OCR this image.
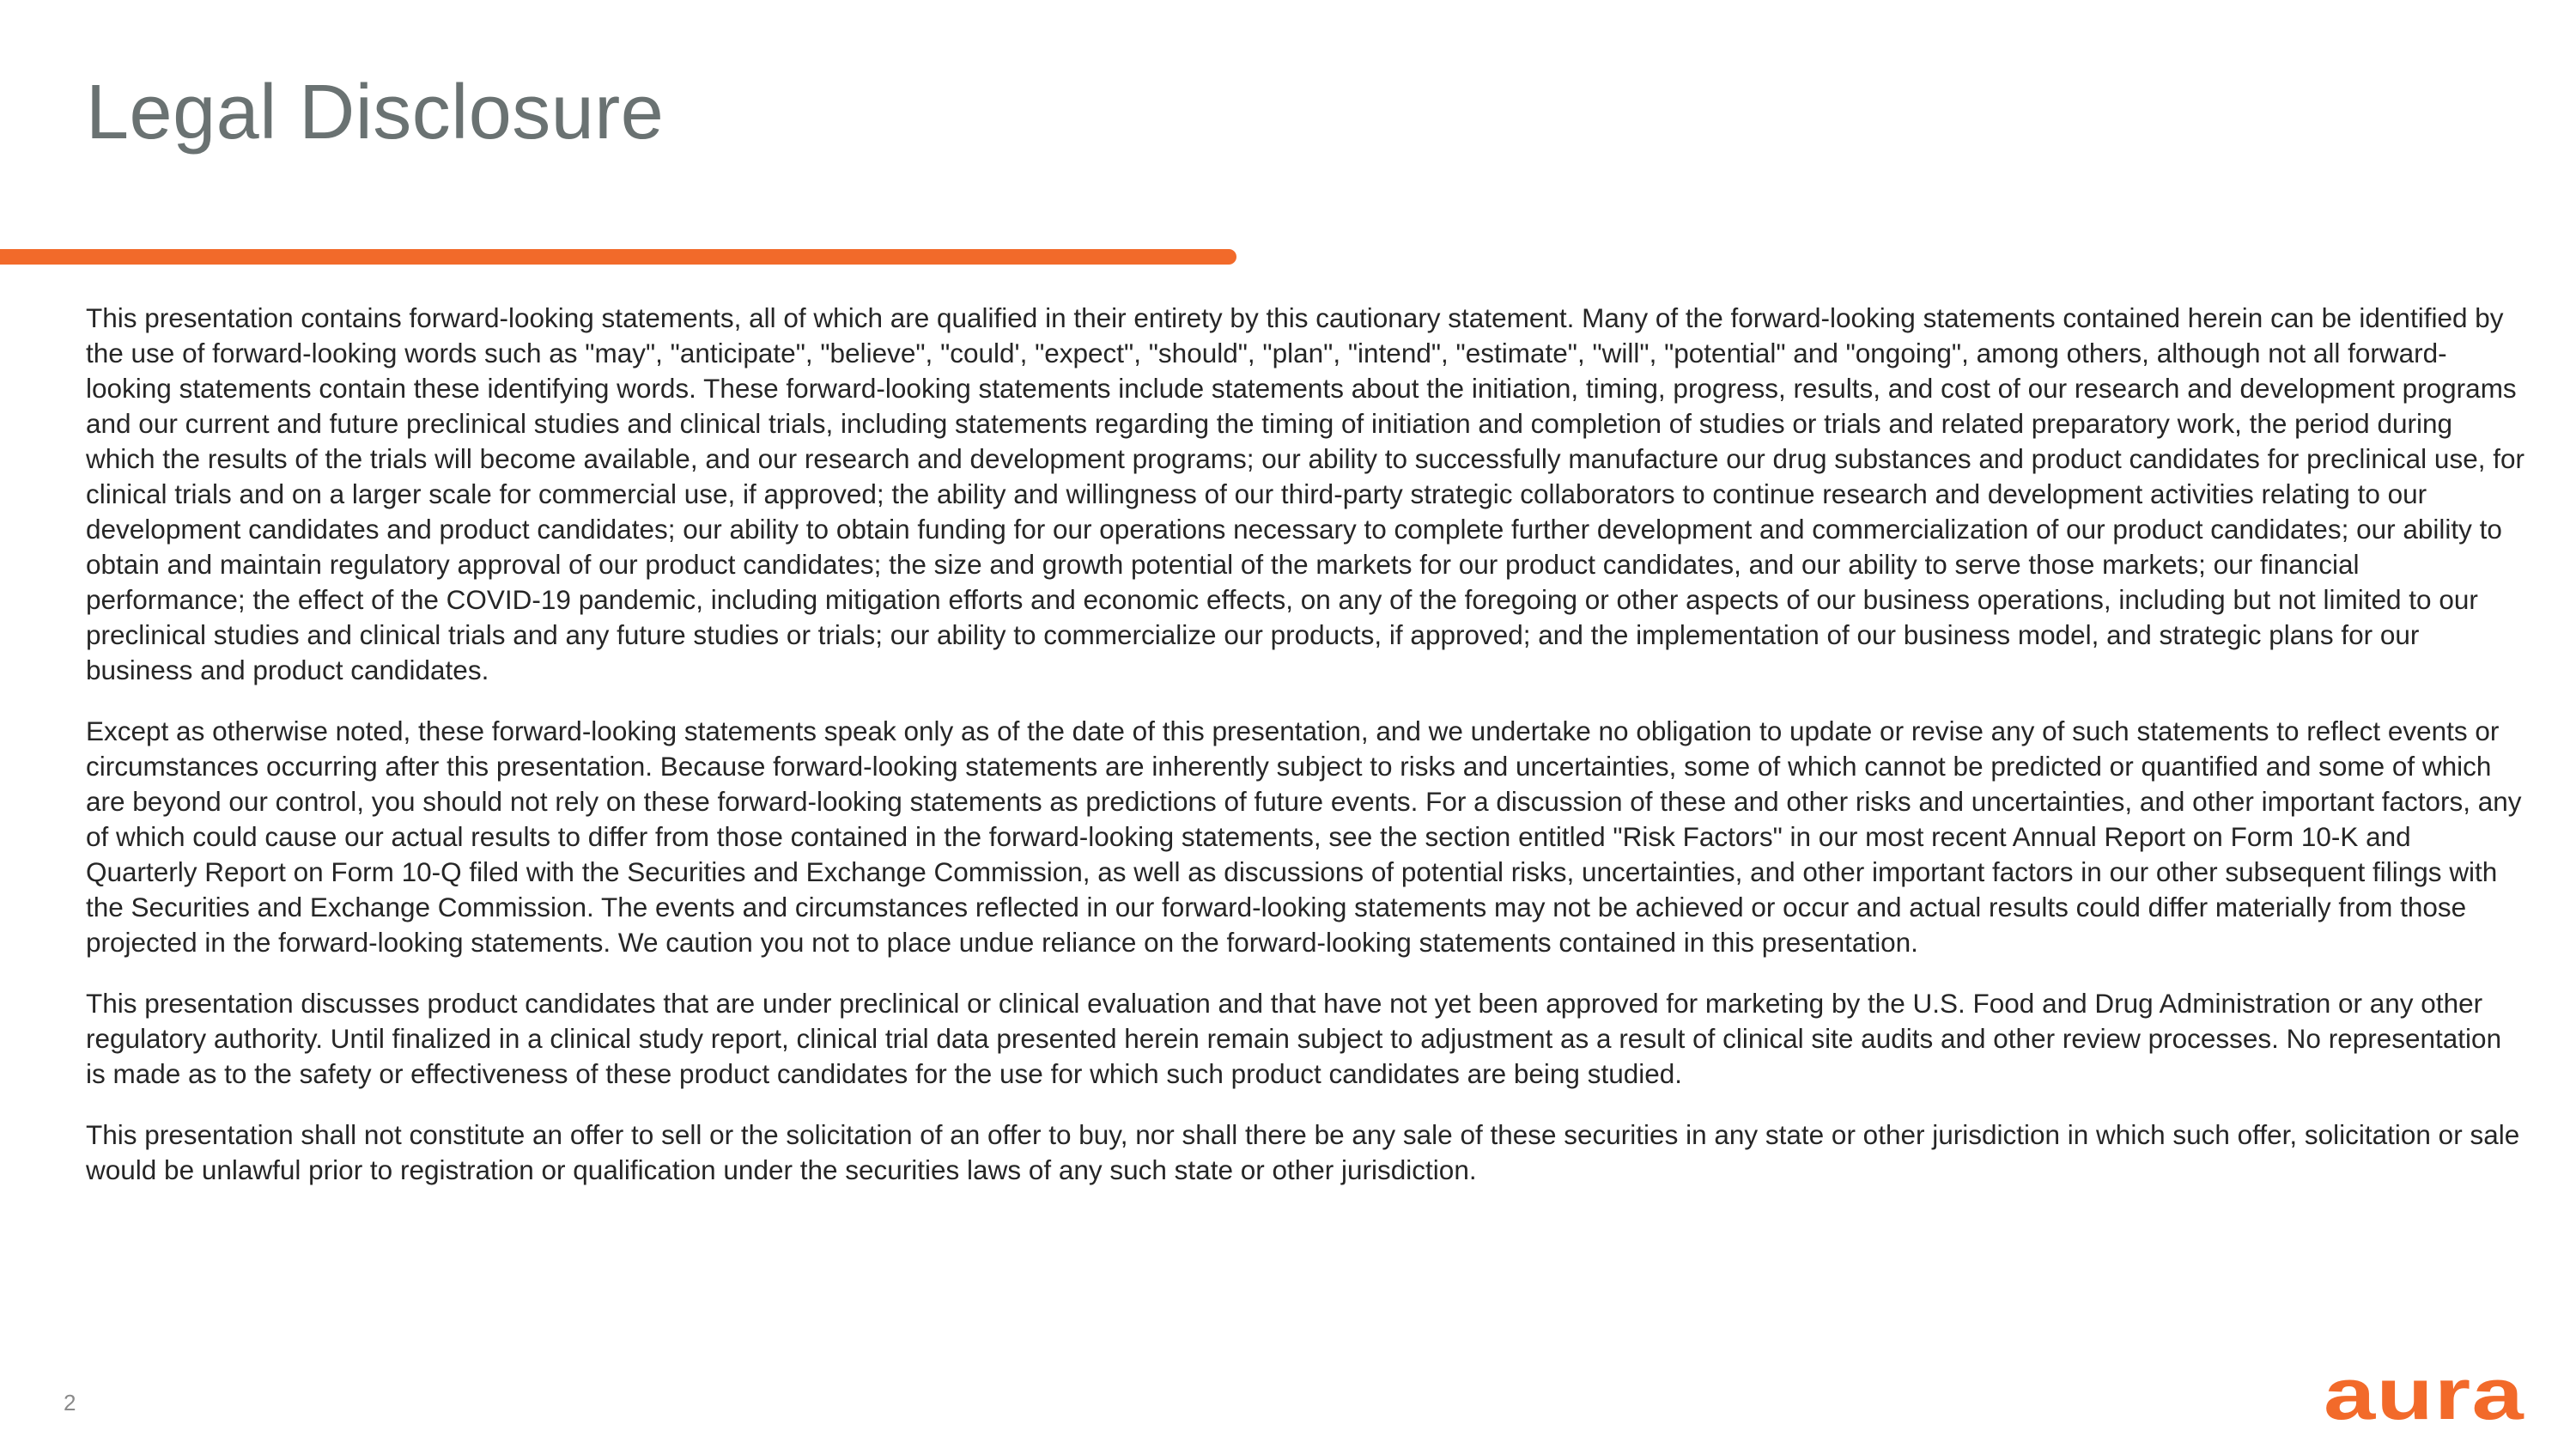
Legal Disclosure

This presentation contains forward-looking statements, all of which are qualified in their entirety by this cautionary statement. Many of the forward-looking statements contained herein can be identified by the use of forward-looking words such as "may", "anticipate", "believe", "could', "expect", "should", "plan", "intend", "estimate", "will", "potential" and "ongoing", among others, although not all forward-looking statements contain these identifying words. These forward-looking statements include statements about the initiation, timing, progress, results, and cost of our research and development programs and our current and future preclinical studies and clinical trials, including statements regarding the timing of initiation and completion of studies or trials and related preparatory work, the period during which the results of the trials will become available, and our research and development programs; our ability to successfully manufacture our drug substances and product candidates for preclinical use, for clinical trials and on a larger scale for commercial use, if approved; the ability and willingness of our third-party strategic collaborators to continue research and development activities relating to our development candidates and product candidates; our ability to obtain funding for our operations necessary to complete further development and commercialization of our product candidates; our ability to obtain and maintain regulatory approval of our product candidates; the size and growth potential of the markets for our product candidates, and our ability to serve those markets; our financial performance; the effect of the COVID-19 pandemic, including mitigation efforts and economic effects, on any of the foregoing or other aspects of our business operations, including but not limited to our preclinical studies and clinical trials and any future studies or trials; our ability to commercialize our products, if approved; and the implementation of our business model, and strategic plans for our business and product candidates.

Except as otherwise noted, these forward-looking statements speak only as of the date of this presentation, and we undertake no obligation to update or revise any of such statements to reflect events or circumstances occurring after this presentation. Because forward-looking statements are inherently subject to risks and uncertainties, some of which cannot be predicted or quantified and some of which are beyond our control, you should not rely on these forward-looking statements as predictions of future events. For a discussion of these and other risks and uncertainties, and other important factors, any of which could cause our actual results to differ from those contained in the forward-looking statements, see the section entitled "Risk Factors" in our most recent Annual Report on Form 10-K and Quarterly Report on Form 10-Q filed with the Securities and Exchange Commission, as well as discussions of potential risks, uncertainties, and other important factors in our other subsequent filings with the Securities and Exchange Commission. The events and circumstances reflected in our forward-looking statements may not be achieved or occur and actual results could differ materially from those projected in the forward-looking statements. We caution you not to place undue reliance on the forward-looking statements contained in this presentation.

This presentation discusses product candidates that are under preclinical or clinical evaluation and that have not yet been approved for marketing by the U.S. Food and Drug Administration or any other regulatory authority. Until finalized in a clinical study report, clinical trial data presented herein remain subject to adjustment as a result of clinical site audits and other review processes. No representation is made as to the safety or effectiveness of these product candidates for the use for which such product candidates are being studied.

This presentation shall not constitute an offer to sell or the solicitation of an offer to buy, nor shall there be any sale of these securities in any state or other jurisdiction in which such offer, solicitation or sale would be unlawful prior to registration or qualification under the securities laws of any such state or other jurisdiction.

2	aura
